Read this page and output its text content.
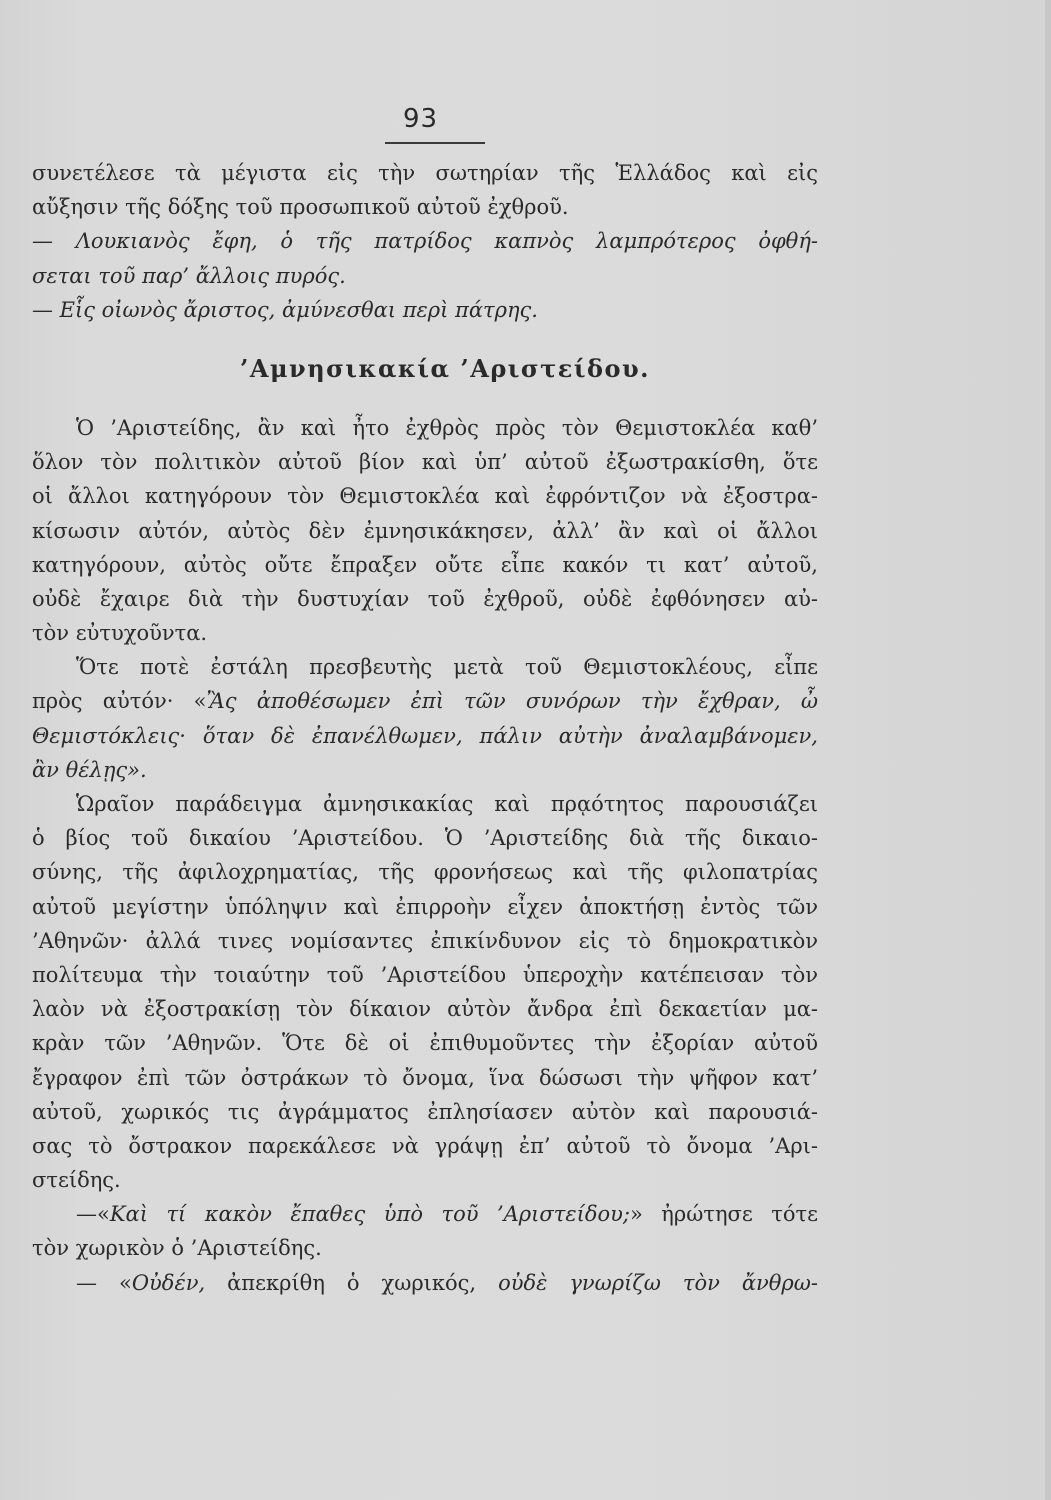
93
συνετέλεσε τὰ μέγιστα εἰς τὴν σωτηρίαν τῆς Ἑλλάδος καὶ εἰς
αὔξησιν τῆς δόξης τοῦ προσωπικοῦ αὐτοῦ ἐχθροῦ.
— Λουκιανὸς ἔφη, ὁ τῆς πατρίδος καπνὸς λαμπρότερος ὀφθή-
σεται τοῦ παρ’ ἄλλοις πυρός.
— Εἷς οἰωνὸς ἄριστος, ἀμύνεσθαι περὶ πάτρης.
’Αμνησικακία ’Αριστείδου.
Ὁ ’Αριστείδης, ἂν καὶ ἦτο ἐχθρὸς πρὸς τὸν Θεμιστοκλέα καθ’
ὅλον τὸν πολιτικὸν αὐτοῦ βίον καὶ ὑπ’ αὐτοῦ ἐξωστρακίσθη, ὅτε
οἱ ἄλλοι κατηγόρουν τὸν Θεμιστοκλέα καὶ ἐφρόντιζον νὰ ἐξοστρα-
κίσωσιν αὐτόν, αὐτὸς δὲν ἐμνησικάκησεν, ἀλλ’ ἂν καὶ οἱ ἄλλοι
κατηγόρουν, αὐτὸς οὔτε ἔπραξεν οὔτε εἶπε κακόν τι κατ’ αὐτοῦ,
οὐδὲ ἔχαιρε διὰ τὴν δυστυχίαν τοῦ ἐχθροῦ, οὐδὲ ἐφθόνησεν αὐ-
τὸν εὐτυχοῦντα.
Ὅτε ποτὲ ἐστάλη πρεσβευτὴς μετὰ τοῦ Θεμιστοκλέους, εἶπε
πρὸς αὐτόν· «Ἂς ἀποθέσωμεν ἐπὶ τῶν συνόρων τὴν ἔχθραν, ὦ
Θεμιστόκλεις· ὅταν δὲ ἐπανέλθωμεν, πάλιν αὐτὴν ἀναλαμβάνομεν,
ἂν θέλῃς».
Ὡραῖον παράδειγμα ἀμνησικακίας καὶ πρᾳότητος παρουσιάζει
ὁ βίος τοῦ δικαίου ’Αριστείδου. Ὁ ’Αριστείδης διὰ τῆς δικαιο-
σύνης, τῆς ἀφιλοχρηματίας, τῆς φρονήσεως καὶ τῆς φιλοπατρίας
αὐτοῦ μεγίστην ὑπόληψιν καὶ ἐπιρροὴν εἶχεν ἀποκτήσῃ ἐντὸς τῶν
’Αθηνῶν· ἀλλά τινες νομίσαντες ἐπικίνδυνον εἰς τὸ δημοκρατικὸν
πολίτευμα τὴν τοιαύτην τοῦ ’Αριστείδου ὑπεροχὴν κατέπεισαν τὸν
λαὸν νὰ ἐξοστρακίσῃ τὸν δίκαιον αὐτὸν ἄνδρα ἐπὶ δεκαετίαν μα-
κρὰν τῶν ’Αθηνῶν. Ὅτε δὲ οἱ ἐπιθυμοῦντες τὴν ἐξορίαν αὐτοῦ
ἔγραφον ἐπὶ τῶν ὀστράκων τὸ ὄνομα, ἵνα δώσωσι τὴν ψῆφον κατ’
αὐτοῦ, χωρικός τις ἀγράμματος ἐπλησίασεν αὐτὸν καὶ παρουσιά-
σας τὸ ὄστρακον παρεκάλεσε νὰ γράψῃ ἐπ’ αὐτοῦ τὸ ὄνομα ’Αρι-
στείδης.
—«Καὶ τί κακὸν ἔπαθες ὑπὸ τοῦ ’Αριστείδου;» ἠρώτησε τότε
τὸν χωρικὸν ὁ ’Αριστείδης.
— «Οὐδέν, ἀπεκρίθη ὁ χωρικός, οὐδὲ γνωρίζω τὸν ἄνθρω-
